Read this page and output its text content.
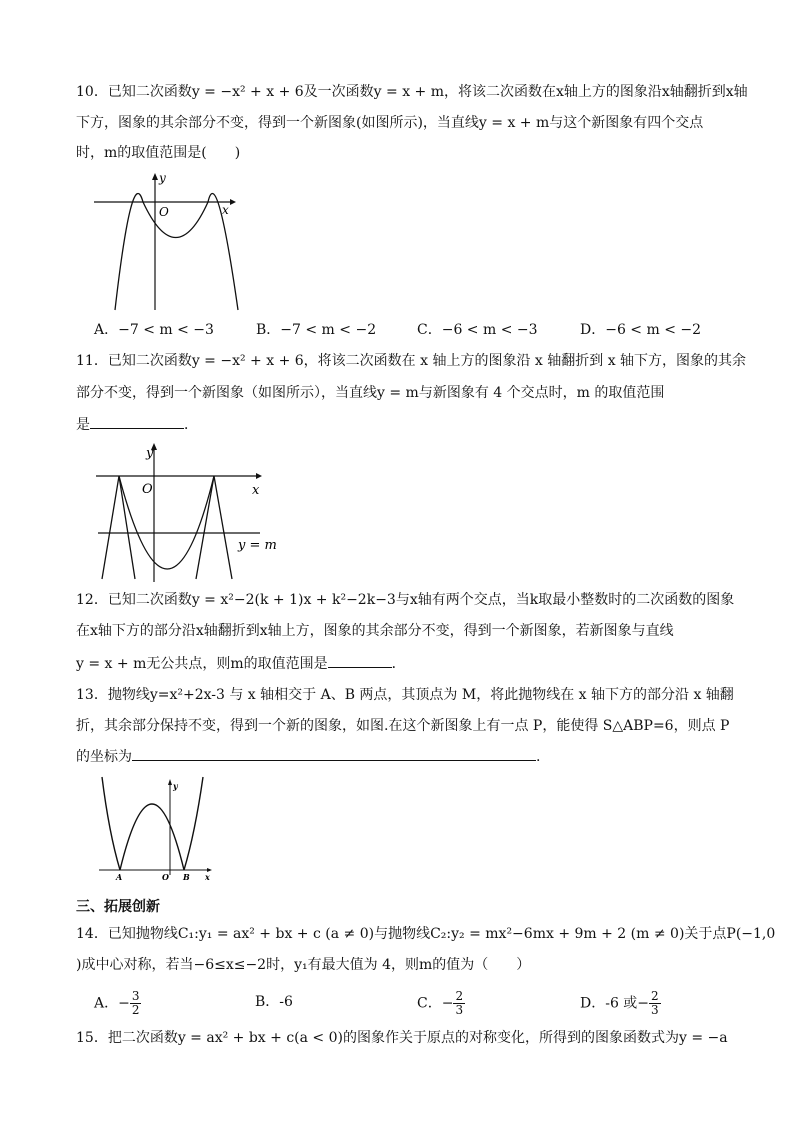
10．已知二次函数y = −x² + x + 6及一次函数y = x + m，将该二次函数在x轴上方的图象沿x轴翻折到x轴
下方，图象的其余部分不变，得到一个新图象(如图所示)，当直线y = x + m与这个新图象有四个交点
时，m的取值范围是(　　)
y
O	x
A．−7 < m < −3	B．−7 < m < −2	C．−6 < m < −3	D．−6 < m < −2
11．已知二次函数y = −x² + x + 6，将该二次函数在 x 轴上方的图象沿 x 轴翻折到 x 轴下方，图象的其余
部分不变，得到一个新图象（如图所示），当直线y = m与新图象有 4 个交点时，m 的取值范围
是	．
y
O	x
y = m
12．已知二次函数y = x²−2(k + 1)x + k²−2k−3与x轴有两个交点，当k取最小整数时的二次函数的图象
在x轴下方的部分沿x轴翻折到x轴上方，图象的其余部分不变，得到一个新图象，若新图象与直线
y = x + m无公共点，则m的取值范围是	．
13．抛物线y=x²+2x-3 与 x 轴相交于 A、B 两点，其顶点为 M，将此抛物线在 x 轴下方的部分沿 x 轴翻
折，其余部分保持不变，得到一个新的图象，如图.在这个新图象上有一点 P，能使得 S△ABP=6，则点 P
的坐标为	.
y
A	O B x
三、拓展创新
14．已知抛物线C₁:y₁ = ax² + bx + c (a ≠ 0)与抛物线C₂:y₂ = mx²−6mx + 9m + 2 (m ≠ 0)关于点P(−1,0
)成中心对称，若当−6≤x≤−2时，y₁有最大值为 4，则m的值为（　　）
A．− $\frac{3}{2}$	B．-6	C．− $\frac{2}{3}$	D．-6 或− $\frac{2}{3}$
15．把二次函数y = ax² + bx + c(a < 0)的图象作关于原点的对称变化，所得到的图象函数式为y = −a
